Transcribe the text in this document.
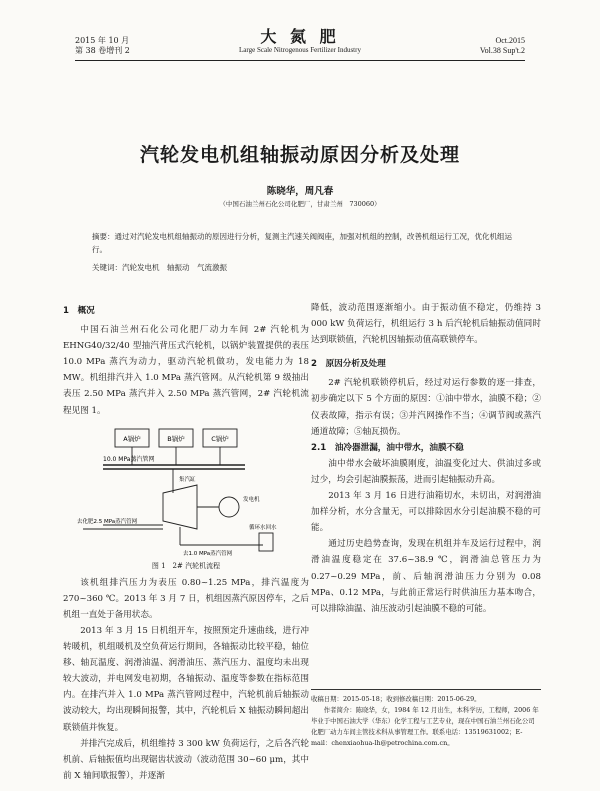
2015 年 10 月
第 38 卷增刊 2
大 氮 肥
Large Scale Nitrogenous Fertilizer Industry
Oct.2015
Vol.38 Sup't.2
汽轮发电机组轴振动原因分析及处理
陈晓华，周凡春
（中国石油兰州石化公司化肥厂，甘肃兰州　730060）
摘要：通过对汽轮发电机组轴振动的原因进行分析，复测主汽速关阀阀座，加强对机组的控制，改善机组运行工况，优化机组运行。
关键词：汽轮发电机　轴振动　气流激振
1　概况

中国石油兰州石化公司化肥厂动力车间 2# 汽轮机为 EHNG40/32/40 型抽汽背压式汽轮机，以锅炉装置提供的表压 10.0 MPa 蒸汽为动力，驱动汽轮机做功，发电能力为 18 MW。机组排汽并入 1.0 MPa 蒸汽管网。从汽轮机第 9 级抽出表压 2.50 MPa 蒸汽并入 2.50 MPa 蒸汽管网，2# 汽轮机流程见图 1。

A锅炉	B锅炉	C锅炉
10.0 MPa蒸汽管网
集汽缸
发电机
去化肥2.5 MPa蒸汽管网
去1.0 MPa蒸汽管网
循环水回水
图 1　2# 汽轮机流程

该机组排汽压力为表压 0.80~1.25 MPa，排汽温度为 270~360 ℃。2013 年 3 月 7 日，机组因蒸汽原因停车，之后机组一直处于备用状态。

2013 年 3 月 15 日机组开车，按照预定升速曲线，进行冲转暖机，机组暖机及空负荷运行期间，各轴振动比较平稳，轴位移、轴瓦温度、润滑油温、润滑油压、蒸汽压力、温度均未出现较大波动，并电网发电初期，各轴振动、温度等参数在指标范围内。在排汽并入 1.0 MPa 蒸汽管网过程中，汽轮机前后轴振动波动较大，均出现瞬间报警，其中，汽轮机后 X 轴振动瞬间超出联锁值并恢复。

并排汽完成后，机组维持 3 300 kW 负荷运行，之后各汽轮机前、后轴振值均出现锯齿状波动（波动范围 30~60 μm，其中前 X 轴间歇报警），并逐渐

降低，波动范围逐渐缩小。由于振动值不稳定，仍维持 3 000 kW 负荷运行，机组运行 3 h 后汽轮机后轴振动值同时达到联锁值，汽轮机因轴振动值高联锁停车。

2　原因分析及处理

2# 汽轮机联锁停机后，经过对运行参数的逐一排查，初步确定以下 5 个方面的原因：①油中带水，油膜不稳；②仪表故障，指示有误；③并汽网操作不当；④调节阀或蒸汽通道故障；⑤轴瓦损伤。

2.1　油冷器泄漏，油中带水，油膜不稳

油中带水会破坏油膜刚度，油温变化过大、供油过多或过少，均会引起油膜振荡，进而引起轴振动升高。

2013 年 3 月 16 日进行油箱切水，未切出，对润滑油加样分析，水分含量无，可以排除因水分引起油膜不稳的可能。

通过历史趋势查询，发现在机组并车及运行过程中，润滑油温度稳定在 37.6~38.9 ℃，润滑油总管压力为 0.27~0.29 MPa，前、后轴润滑油压力分别为 0.08 MPa、0.12 MPa，与此前正常运行时供油压力基本吻合，可以排除油温、油压波动引起油膜不稳的可能。

收稿日期：2015-05-18；收到修改稿日期：2015-06-29。

作者简介：陈晓华，女，1984 年 12 月出生，本科学历，工程师，2006 年毕业于中国石油大学（华东）化学工程与工艺专业，现在中国石油兰州石化公司化肥厂动力车间主管技术科从事管理工作。联系电话：13519631002；E-mail：chenxiaohua-lh@petrochina.com.cn。
